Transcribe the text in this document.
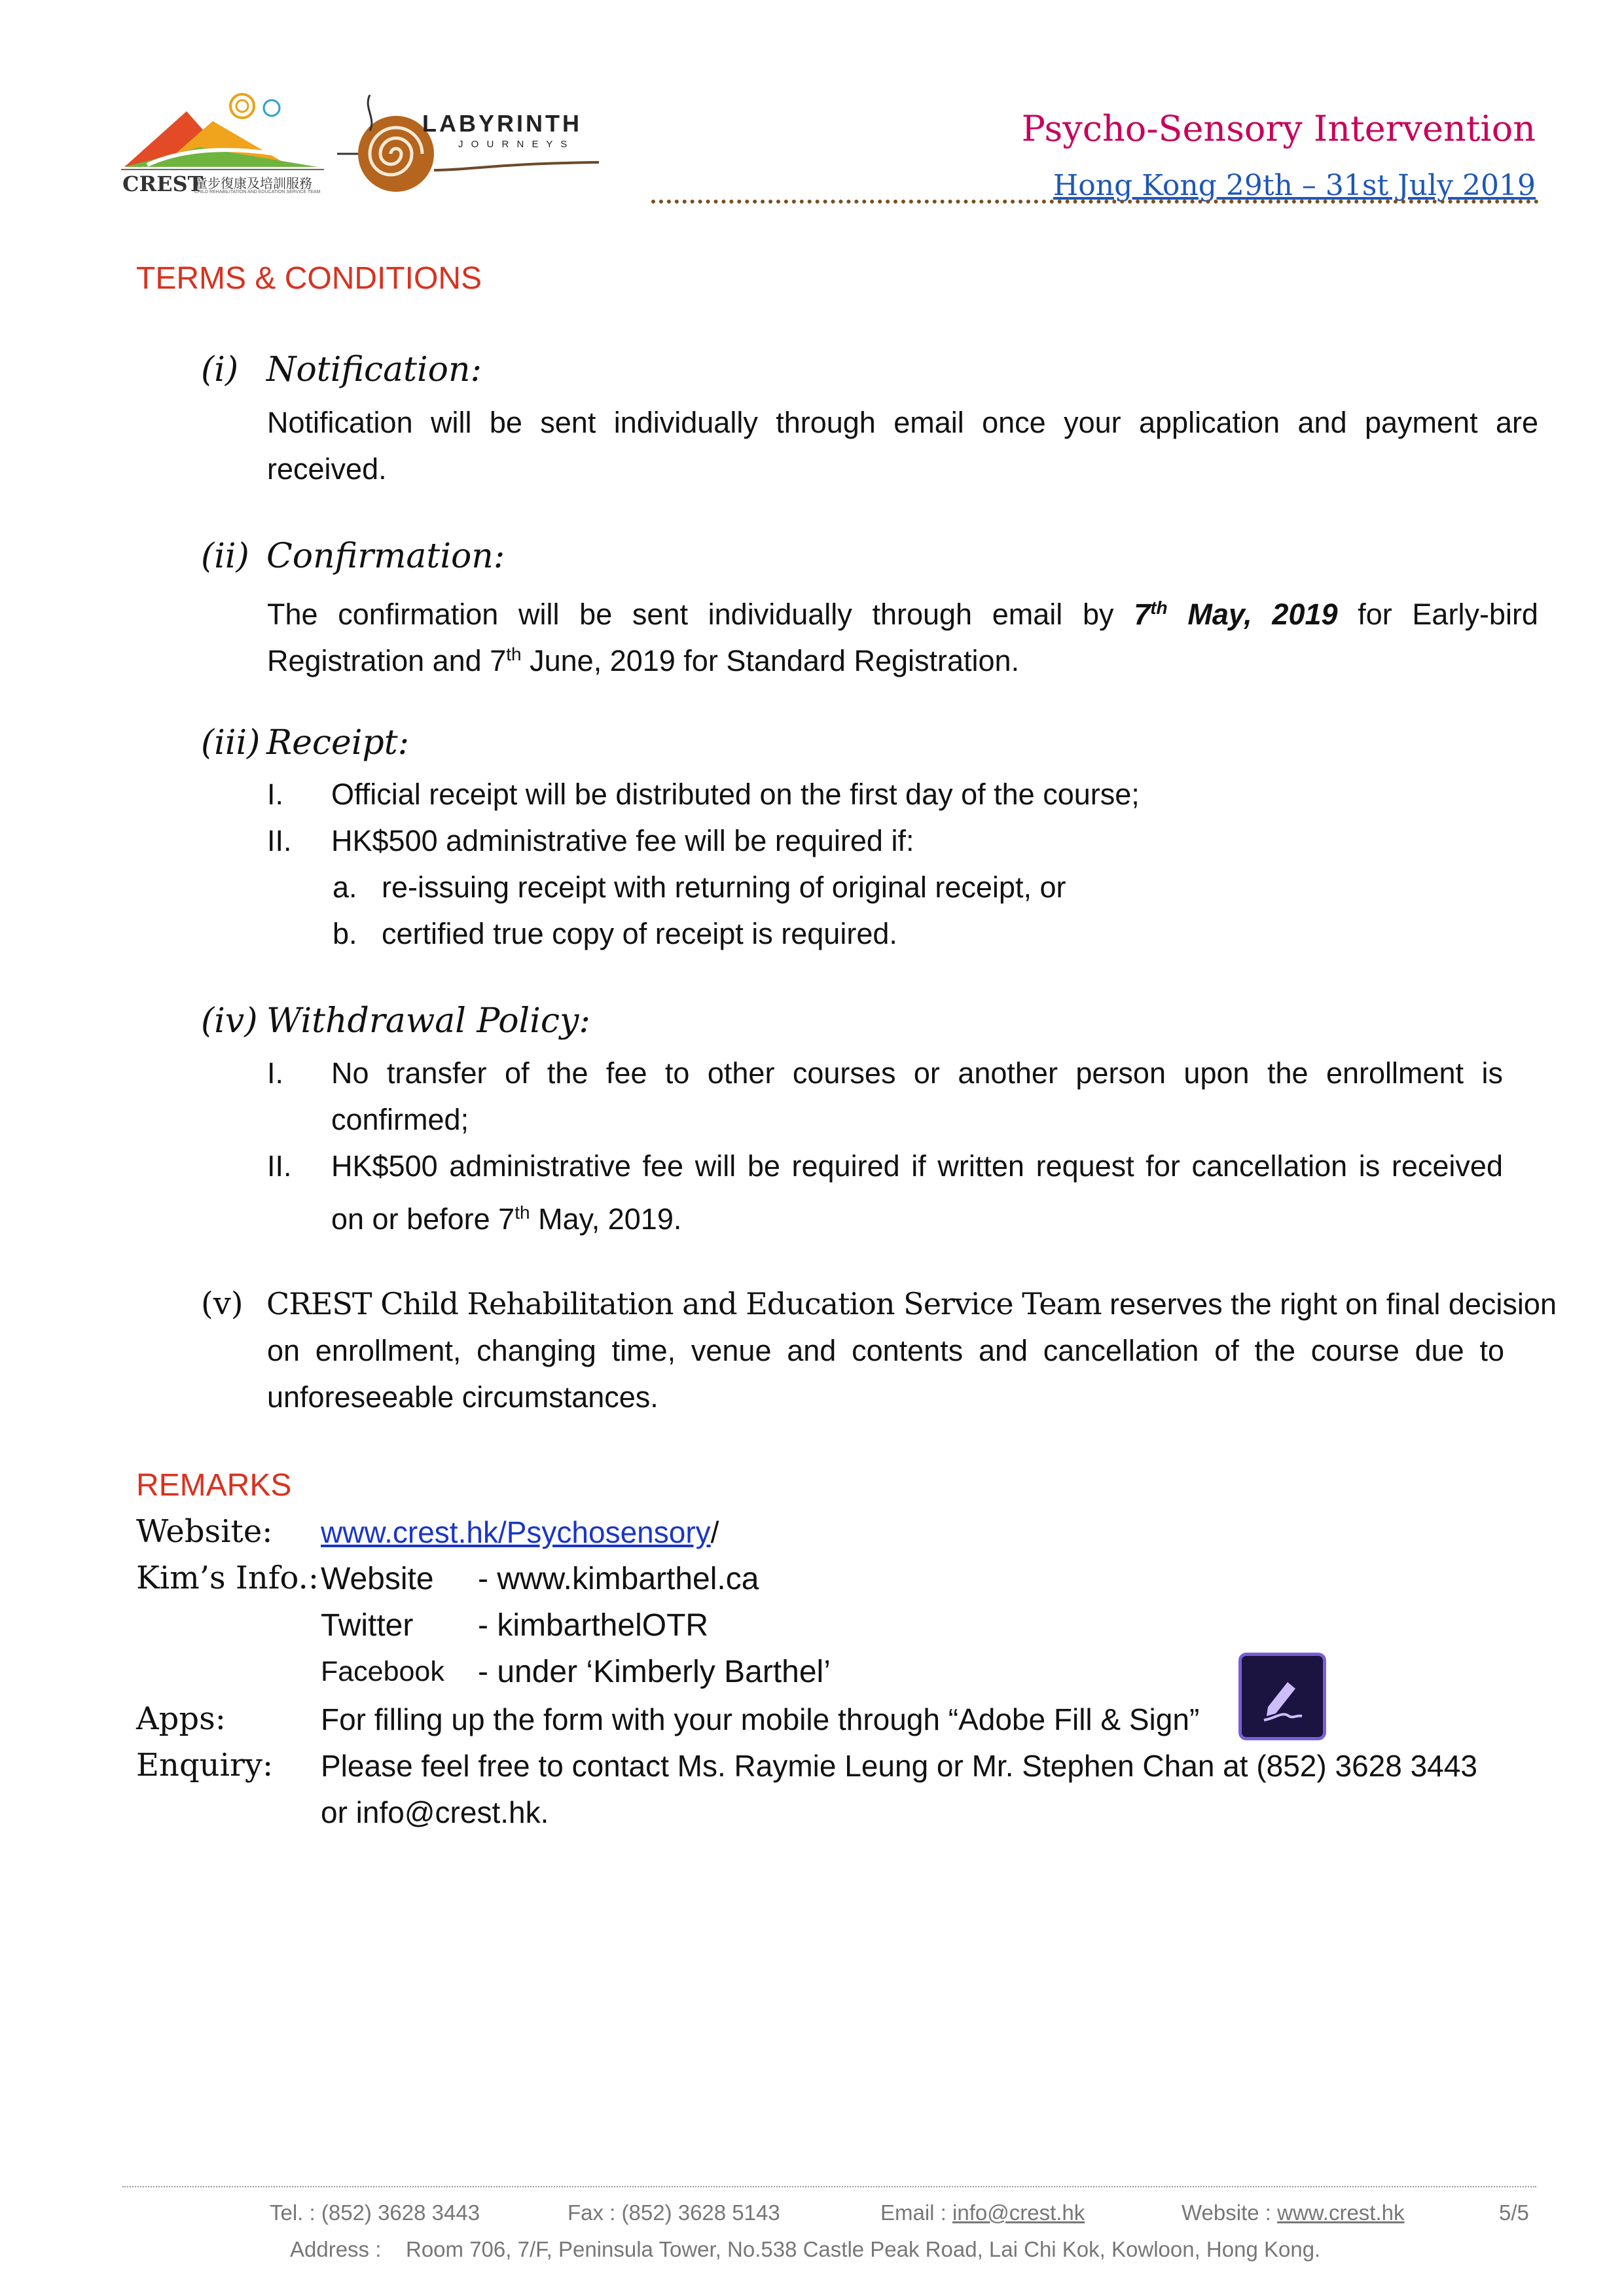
CREST
童步復康及培訓服務
CHILD REHABILITATION AND EDUCATION SERVICE TEAM
LABYRINTH
J O U R N E Y S	Psycho-Sensory Intervention
Hong Kong 29th – 31st July 2019
TERMS & CONDITIONS
(i) Notification:
Notification will be sent individually through email once your application and payment are
received.
(ii) Confirmation:
The confirmation will be sent individually through email by 7th May, 2019 for Early-bird
Registration and 7th June, 2019 for Standard Registration.
(iii) Receipt:
I. Official receipt will be distributed on the first day of the course;
II. HK$500 administrative fee will be required if:
a. re-issuing receipt with returning of original receipt, or
b. certified true copy of receipt is required.
(iv) Withdrawal Policy:
I. No transfer of the fee to other courses or another person upon the enrollment is
confirmed;
II. HK$500 administrative fee will be required if written request for cancellation is received
on or before 7th May, 2019.
(v) CREST Child Rehabilitation and Education Service Team reserves the right on final decision
on enrollment, changing time, venue and contents and cancellation of the course due to
unforeseeable circumstances.
REMARKS
Website: www.crest.hk/Psychosensory/
Kim’s Info.: Website - www.kimbarthel.ca
Twitter - kimbarthelOTR
Facebook - under ‘Kimberly Barthel’
Apps:	For filling up the form with your mobile through “Adobe Fill & Sign”
Enquiry: Please feel free to contact Ms. Raymie Leung or Mr. Stephen Chan at (852) 3628 3443
or info@crest.hk.
Tel. : (852) 3628 3443	Fax : (852) 3628 5143	Email : info@crest.hk	Website : www.crest.hk	5/5
Address : Room 706, 7/F, Peninsula Tower, No.538 Castle Peak Road, Lai Chi Kok, Kowloon, Hong Kong.
